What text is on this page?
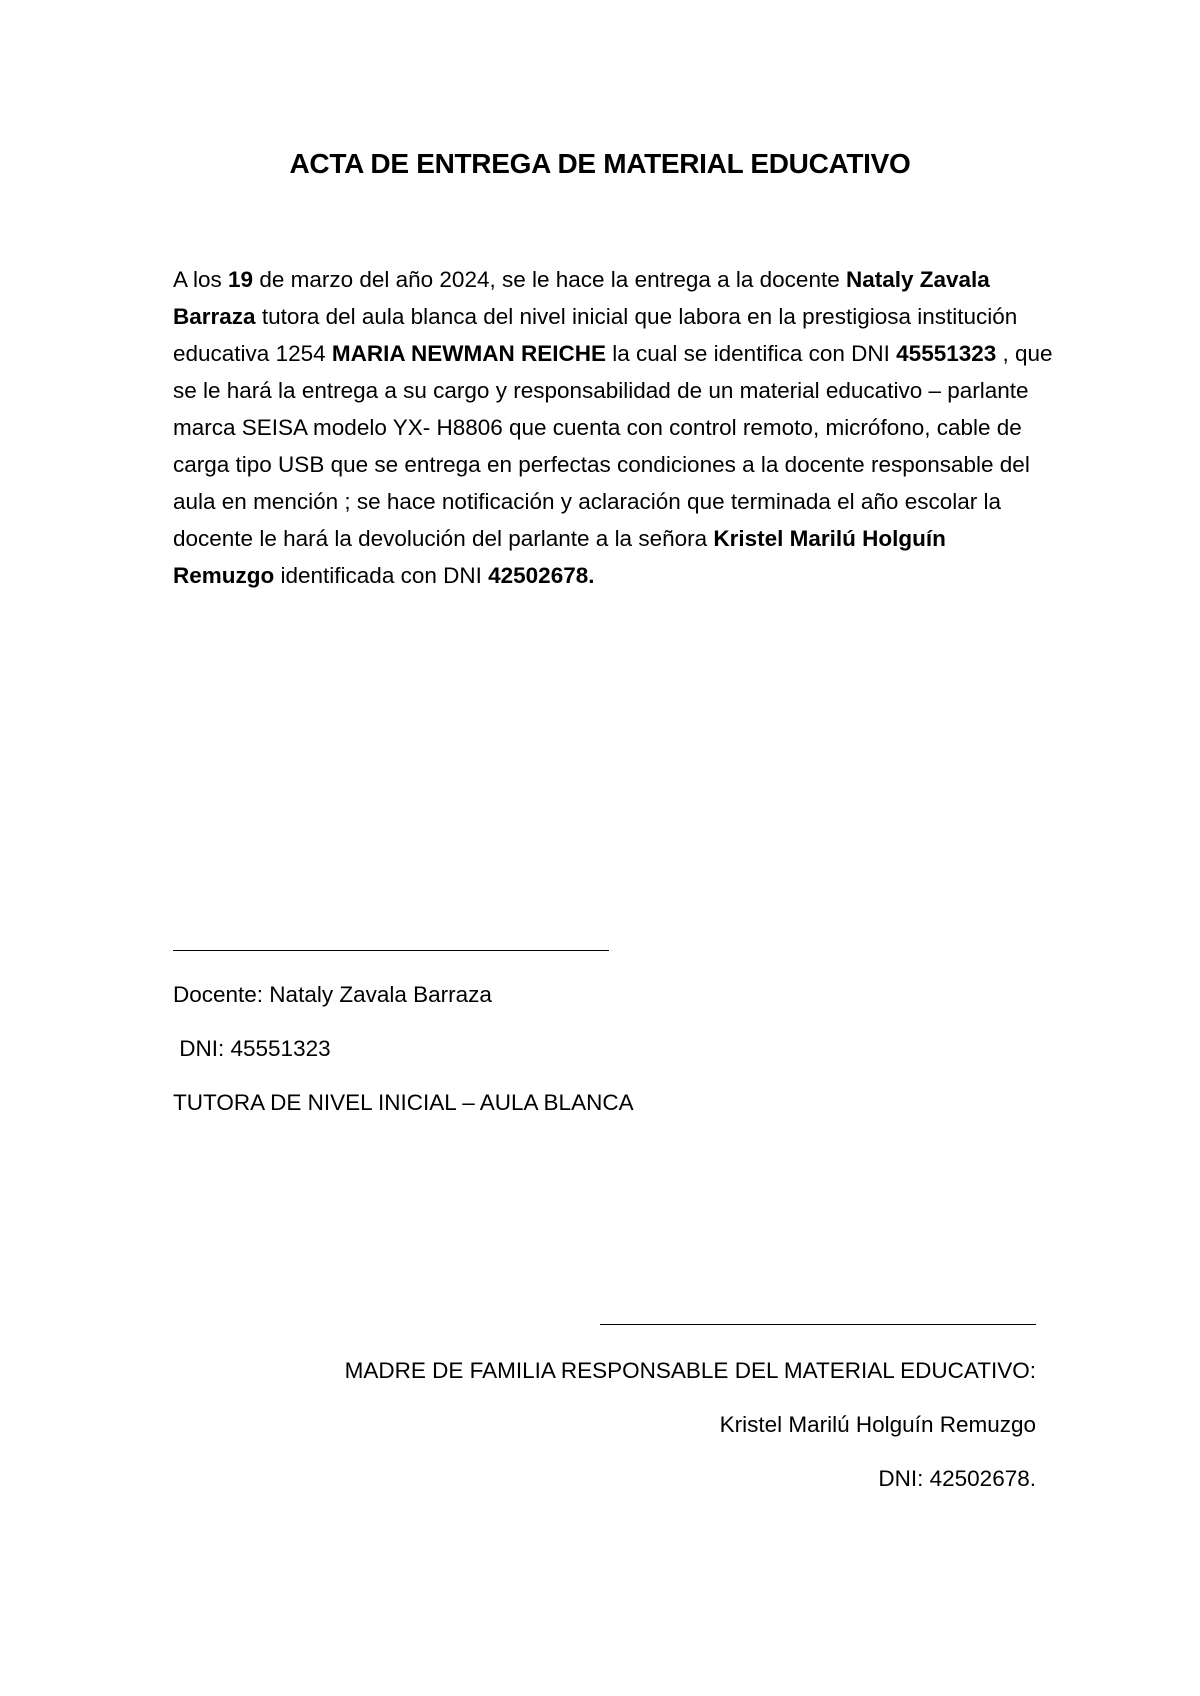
ACTA DE ENTREGA DE MATERIAL EDUCATIVO

A los 19 de marzo del año 2024, se le hace la entrega a la docente Nataly Zavala Barraza tutora del aula blanca del nivel inicial que labora en la prestigiosa institución educativa 1254 MARIA NEWMAN REICHE la cual se identifica con DNI 45551323 , que se le hará la entrega a su cargo y responsabilidad de un material educativo – parlante marca SEISA modelo YX- H8806 que cuenta con control remoto, micrófono, cable de carga tipo USB que se entrega en perfectas condiciones a la docente responsable del aula en mención ; se hace notificación y aclaración que terminada el año escolar la docente le hará la devolución del parlante a la señora Kristel Marilú Holguín Remuzgo identificada con DNI 42502678.

Docente: Nataly Zavala Barraza
DNI: 45551323
TUTORA DE NIVEL INICIAL – AULA BLANCA
MADRE DE FAMILIA RESPONSABLE DEL MATERIAL EDUCATIVO:
Kristel Marilú Holguín Remuzgo
DNI: 42502678.
